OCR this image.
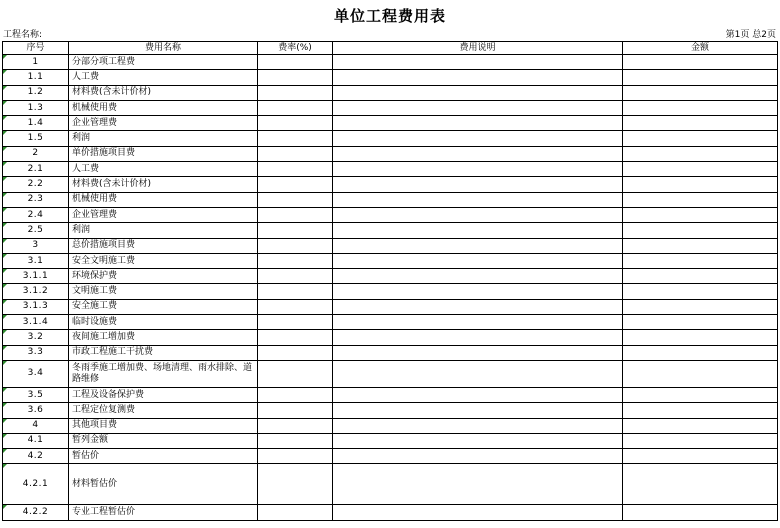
单位工程费用表
工程名称:	第1页 总2页
序号	费用名称	费率(%)	费用说明	金额
1	分部分项工程费			
1.1	人工费			
1.2	材料费(含未计价材)			
1.3	机械使用费			
1.4	企业管理费			
1.5	利润			
2	单价措施项目费			
2.1	人工费			
2.2	材料费(含未计价材)			
2.3	机械使用费			
2.4	企业管理费			
2.5	利润			
3	总价措施项目费			
3.1	安全文明施工费			
3.1.1	环境保护费			
3.1.2	文明施工费			
3.1.3	安全施工费			
3.1.4	临时设施费			
3.2	夜间施工增加费			
3.3	市政工程施工干扰费			
3.4	冬雨季施工增加费、场地清理、雨水排除、道路维修			
3.5	工程及设备保护费			
3.6	工程定位复测费			
4	其他项目费			
4.1	暂列金额			
4.2	暂估价			
4.2.1	材料暂估价			
4.2.2	专业工程暂估价			
